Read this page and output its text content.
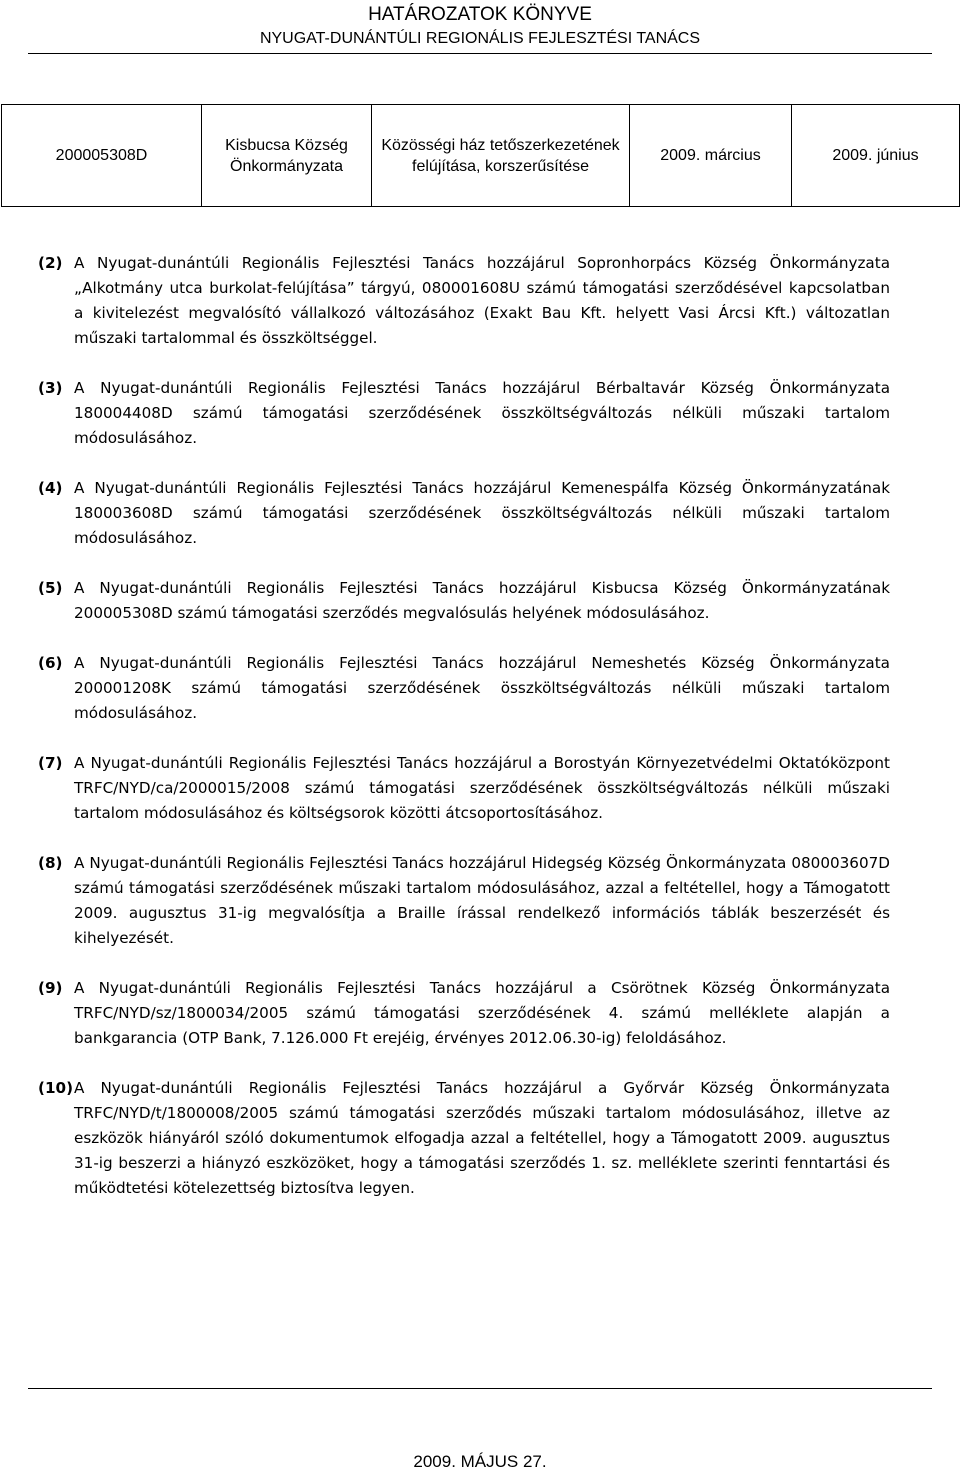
HATÁROZATOK KÖNYVE
NYUGAT-DUNÁNTÚLI REGIONÁLIS FEJLESZTÉSI TANÁCS
200005308D	Kisbucsa Község Önkormányzata	Közösségi ház tetőszerkezetének felújítása, korszerűsítése	2009. március	2009. június
(2) A Nyugat-dunántúli Regionális Fejlesztési Tanács hozzájárul Sopronhorpács Község Önkormányzata „Alkotmány utca burkolat-felújítása” tárgyú, 080001608U számú támogatási szerződésével kapcsolatban a kivitelezést megvalósító vállalkozó változásához (Exakt Bau Kft. helyett Vasi Árcsi Kft.) változatlan műszaki tartalommal és összköltséggel.
(3) A Nyugat-dunántúli Regionális Fejlesztési Tanács hozzájárul Bérbaltavár Község Önkormányzata 180004408D számú támogatási szerződésének összköltségváltozás nélküli műszaki tartalom módosulásához.
(4) A Nyugat-dunántúli Regionális Fejlesztési Tanács hozzájárul Kemenespálfa Község Önkormányzatának 180003608D számú támogatási szerződésének összköltségváltozás nélküli műszaki tartalom módosulásához.
(5) A Nyugat-dunántúli Regionális Fejlesztési Tanács hozzájárul Kisbucsa Község Önkormányzatának 200005308D számú támogatási szerződés megvalósulás helyének módosulásához.
(6) A Nyugat-dunántúli Regionális Fejlesztési Tanács hozzájárul Nemeshetés Község Önkormányzata 200001208K számú támogatási szerződésének összköltségváltozás nélküli műszaki tartalom módosulásához.
(7) A Nyugat-dunántúli Regionális Fejlesztési Tanács hozzájárul a Borostyán Környezetvédelmi Oktatóközpont TRFC/NYD/ca/2000015/2008 számú támogatási szerződésének összköltségváltozás nélküli műszaki tartalom módosulásához és költségsorok közötti átcsoportosításához.
(8) A Nyugat-dunántúli Regionális Fejlesztési Tanács hozzájárul Hidegség Község Önkormányzata 080003607D számú támogatási szerződésének műszaki tartalom módosulásához, azzal a feltétellel, hogy a Támogatott 2009. augusztus 31-ig megvalósítja a Braille írással rendelkező információs táblák beszerzését és kihelyezését.
(9) A Nyugat-dunántúli Regionális Fejlesztési Tanács hozzájárul a Csörötnek Község Önkormányzata TRFC/NYD/sz/1800034/2005 számú támogatási szerződésének 4. számú melléklete alapján a bankgarancia (OTP Bank, 7.126.000 Ft erejéig, érvényes 2012.06.30-ig) feloldásához.
(10) A Nyugat-dunántúli Regionális Fejlesztési Tanács hozzájárul a Győrvár Község Önkormányzata TRFC/NYD/t/1800008/2005 számú támogatási szerződés műszaki tartalom módosulásához, illetve az eszközök hiányáról szóló dokumentumok elfogadja azzal a feltétellel, hogy a Támogatott 2009. augusztus 31-ig beszerzi a hiányzó eszközöket, hogy a támogatási szerződés 1. sz. melléklete szerinti fenntartási és működtetési kötelezettség biztosítva legyen.
2009. MÁJUS 27.
